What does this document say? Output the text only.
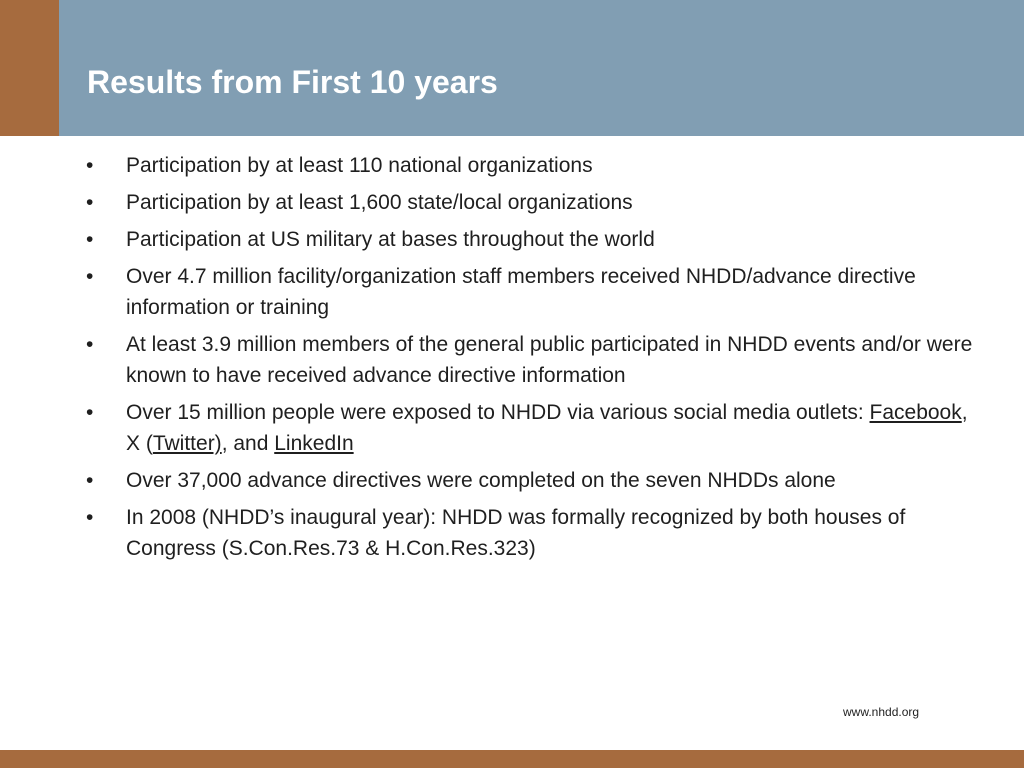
Results from First 10 years
•	Participation by at least 110 national organizations
•	Participation by at least 1,600 state/local organizations
•	Participation at US military at bases throughout the world
•	Over 4.7 million facility/organization staff members received NHDD/advance directive information or training
•	At least 3.9 million members of the general public participated in NHDD events and/or were known to have received advance directive information
•	Over 15 million people were exposed to NHDD via various social media outlets: Facebook, X (Twitter), and LinkedIn
•	Over 37,000 advance directives were completed on the seven NHDDs alone
•	In 2008 (NHDD’s inaugural year): NHDD was formally recognized by both houses of Congress (S.Con.Res.73 & H.Con.Res.323)
www.nhdd.org
